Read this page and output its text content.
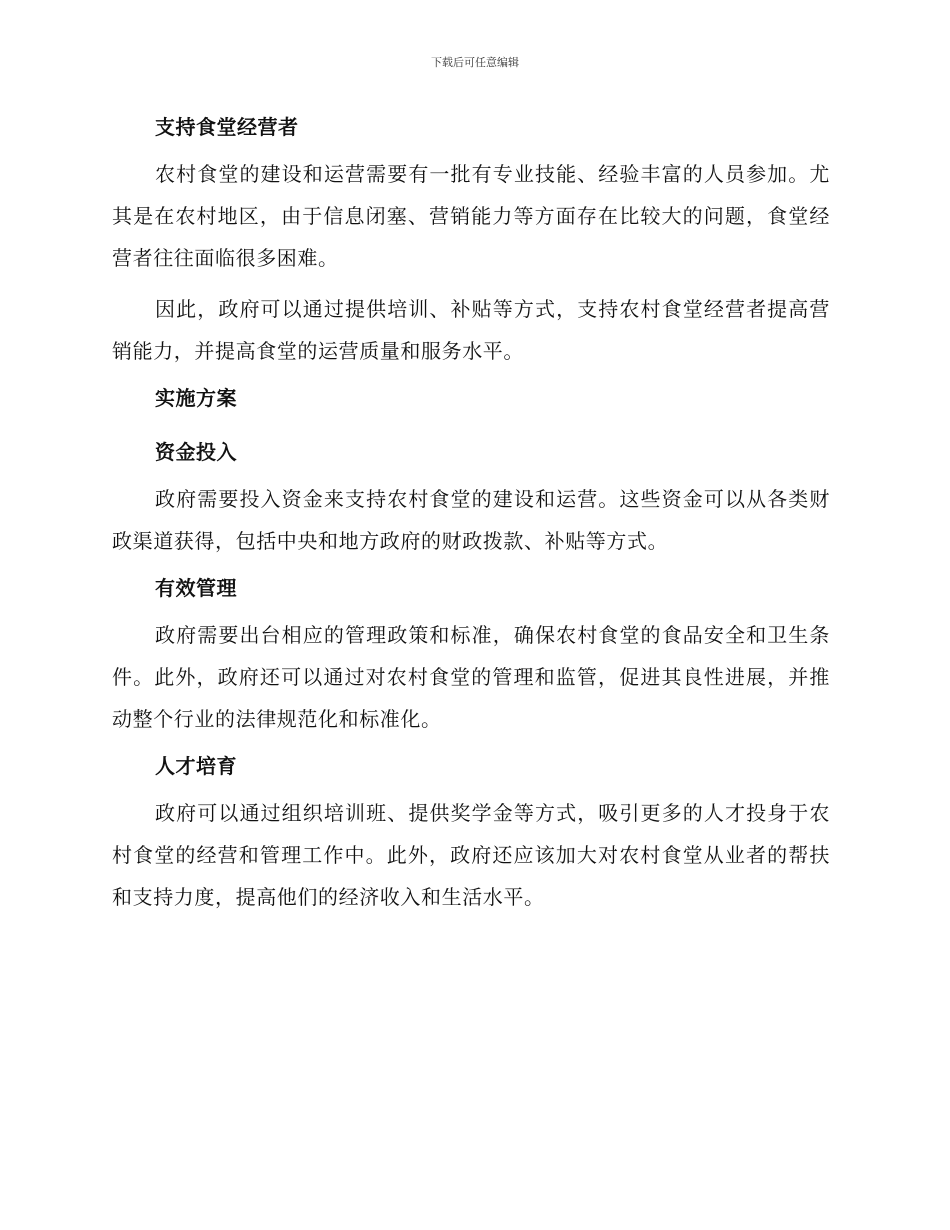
下载后可任意编辑
支持食堂经营者

农村食堂的建设和运营需要有一批有专业技能、经验丰富的人员参加。尤其是在农村地区，由于信息闭塞、营销能力等方面存在比较大的问题，食堂经营者往往面临很多困难。

因此，政府可以通过提供培训、补贴等方式，支持农村食堂经营者提高营销能力，并提高食堂的运营质量和服务水平。

实施方案
资金投入

政府需要投入资金来支持农村食堂的建设和运营。这些资金可以从各类财政渠道获得，包括中央和地方政府的财政拨款、补贴等方式。

有效管理

政府需要出台相应的管理政策和标准，确保农村食堂的食品安全和卫生条件。此外，政府还可以通过对农村食堂的管理和监管，促进其良性进展，并推动整个行业的法律规范化和标准化。

人才培育

政府可以通过组织培训班、提供奖学金等方式，吸引更多的人才投身于农村食堂的经营和管理工作中。此外，政府还应该加大对农村食堂从业者的帮扶和支持力度，提高他们的经济收入和生活水平。
